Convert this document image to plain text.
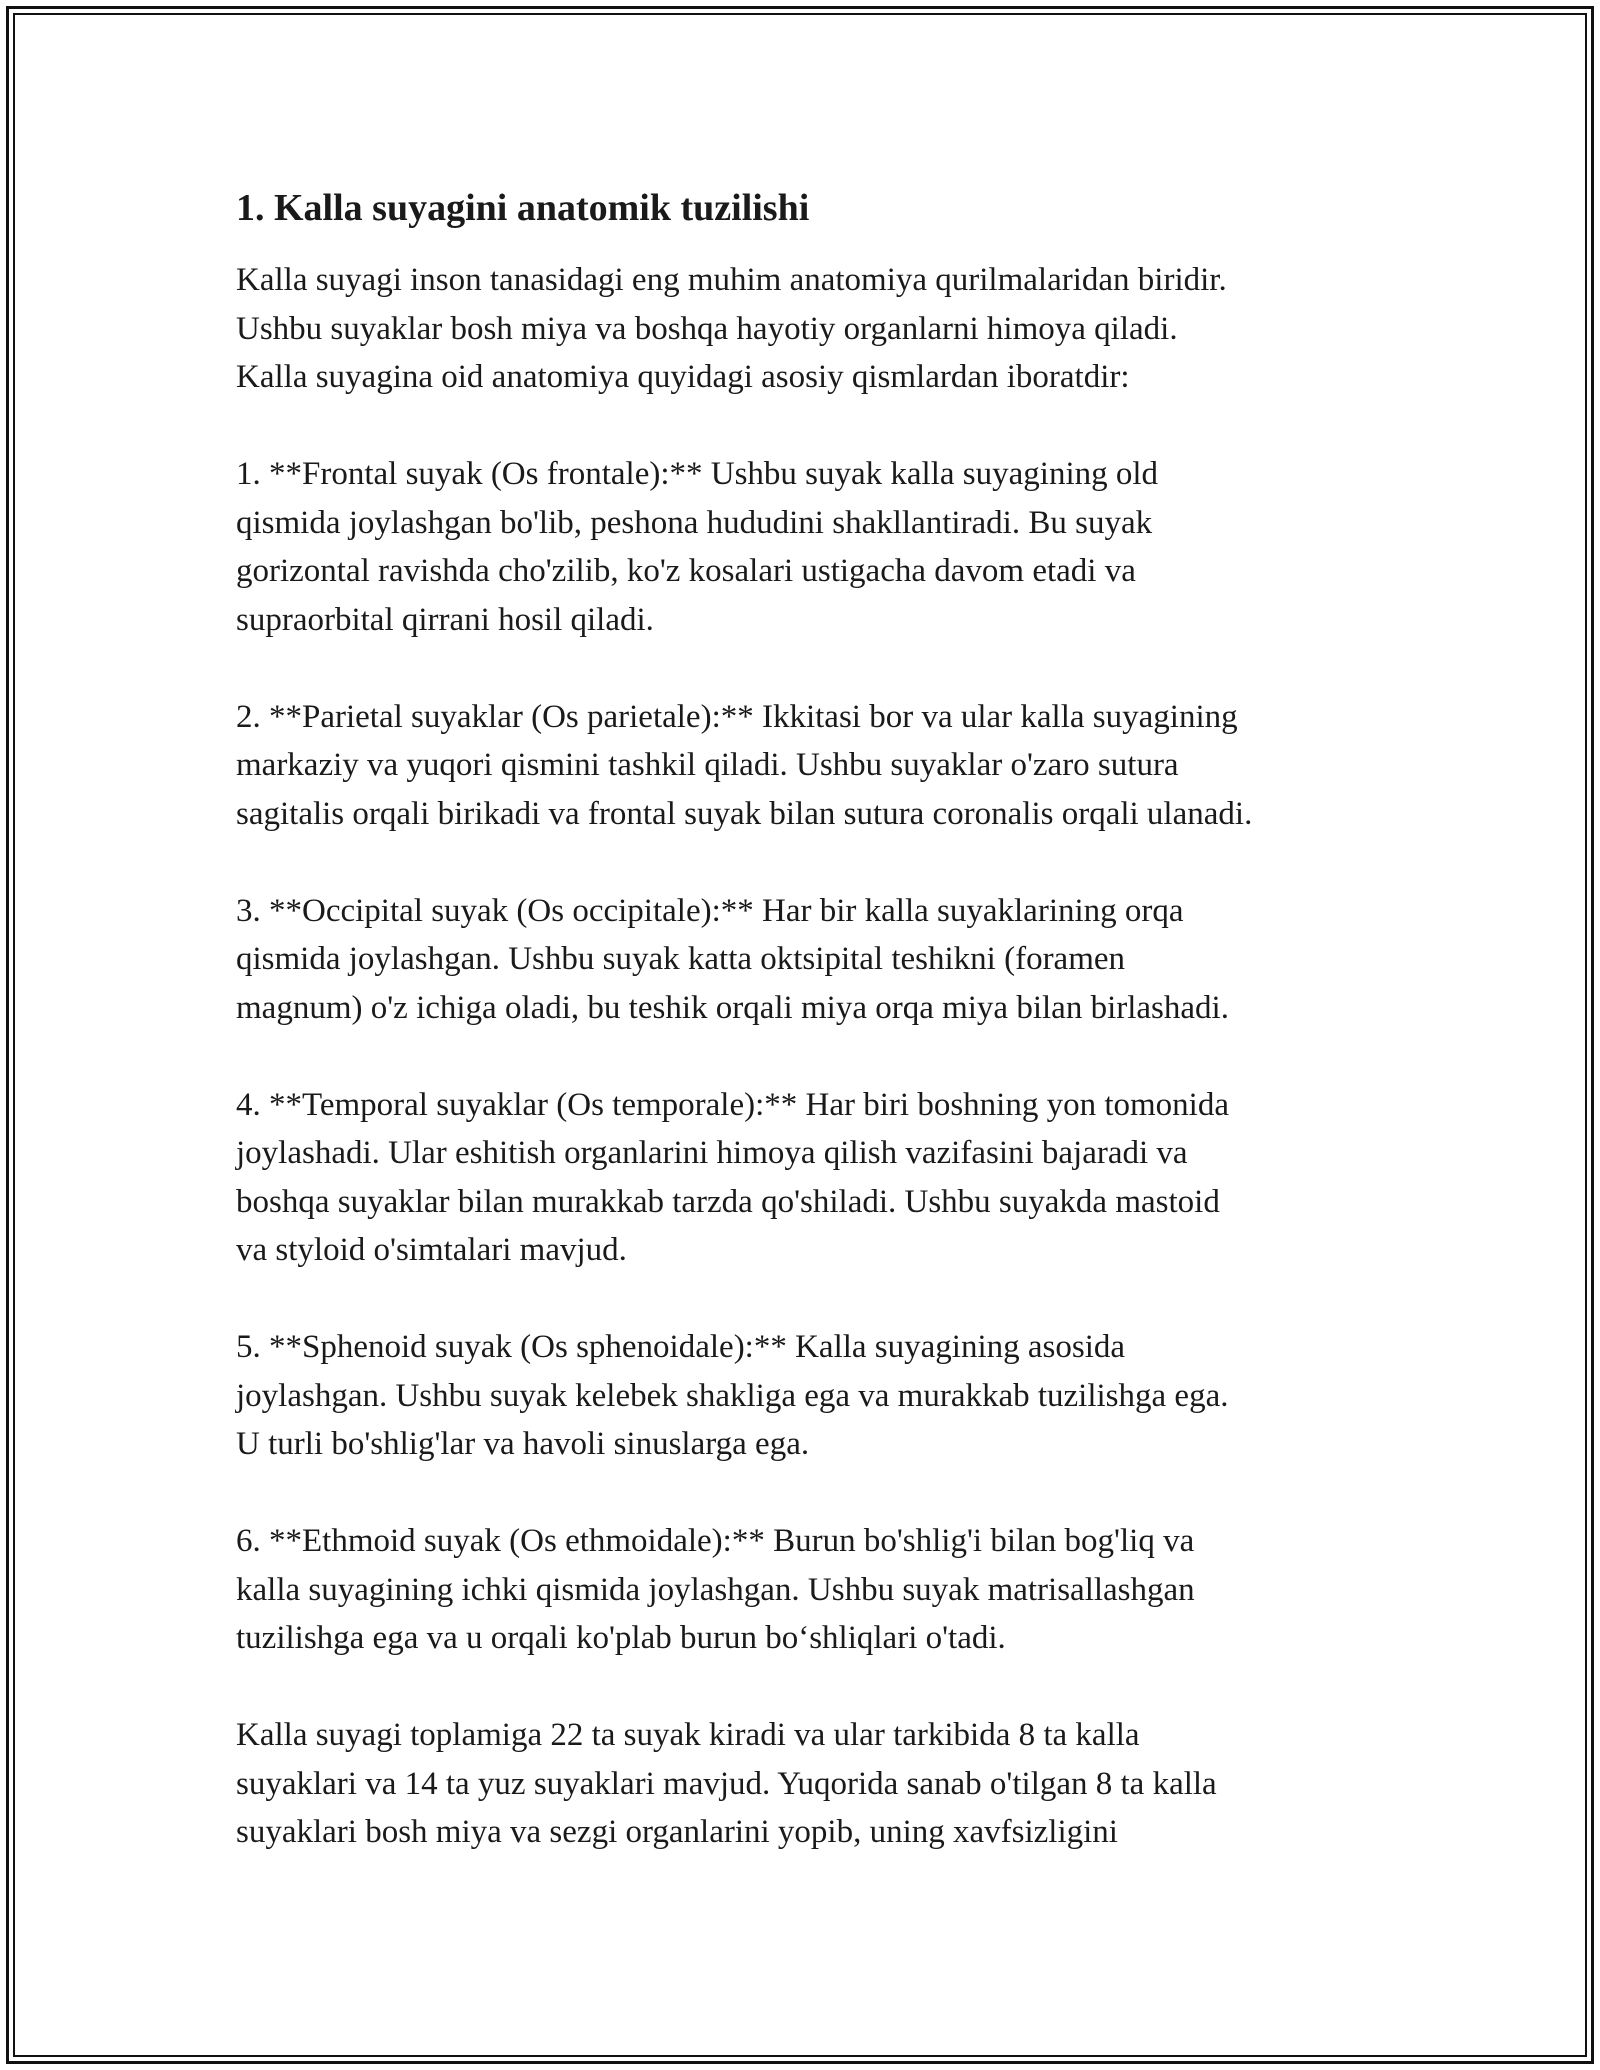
1. Kalla suyagini anatomik tuzilishi

Kalla suyagi inson tanasidagi eng muhim anatomiya qurilmalaridan biridir.
Ushbu suyaklar bosh miya va boshqa hayotiy organlarni himoya qiladi.
Kalla suyagina oid anatomiya quyidagi asosiy qismlardan iboratdir:

1. **Frontal suyak (Os frontale):** Ushbu suyak kalla suyagining old
qismida joylashgan bo'lib, peshona hududini shakllantiradi. Bu suyak
gorizontal ravishda cho'zilib, ko'z kosalari ustigacha davom etadi va
supraorbital qirrani hosil qiladi.

2. **Parietal suyaklar (Os parietale):** Ikkitasi bor va ular kalla suyagining
markaziy va yuqori qismini tashkil qiladi. Ushbu suyaklar o'zaro sutura
sagitalis orqali birikadi va frontal suyak bilan sutura coronalis orqali ulanadi.

3. **Occipital suyak (Os occipitale):** Har bir kalla suyaklarining orqa
qismida joylashgan. Ushbu suyak katta oktsipital teshikni (foramen
magnum) o'z ichiga oladi, bu teshik orqali miya orqa miya bilan birlashadi.

4. **Temporal suyaklar (Os temporale):** Har biri boshning yon tomonida
joylashadi. Ular eshitish organlarini himoya qilish vazifasini bajaradi va
boshqa suyaklar bilan murakkab tarzda qo'shiladi. Ushbu suyakda mastoid
va styloid o'simtalari mavjud.

5. **Sphenoid suyak (Os sphenoidale):** Kalla suyagining asosida
joylashgan. Ushbu suyak kelebek shakliga ega va murakkab tuzilishga ega.
U turli bo'shlig'lar va havoli sinuslarga ega.

6. **Ethmoid suyak (Os ethmoidale):** Burun bo'shlig'i bilan bog'liq va
kalla suyagining ichki qismida joylashgan. Ushbu suyak matrisallashgan
tuzilishga ega va u orqali ko'plab burun bo‘shliqlari o'tadi.

Kalla suyagi toplamiga 22 ta suyak kiradi va ular tarkibida 8 ta kalla
suyaklari va 14 ta yuz suyaklari mavjud. Yuqorida sanab o'tilgan 8 ta kalla
suyaklari bosh miya va sezgi organlarini yopib, uning xavfsizligini
